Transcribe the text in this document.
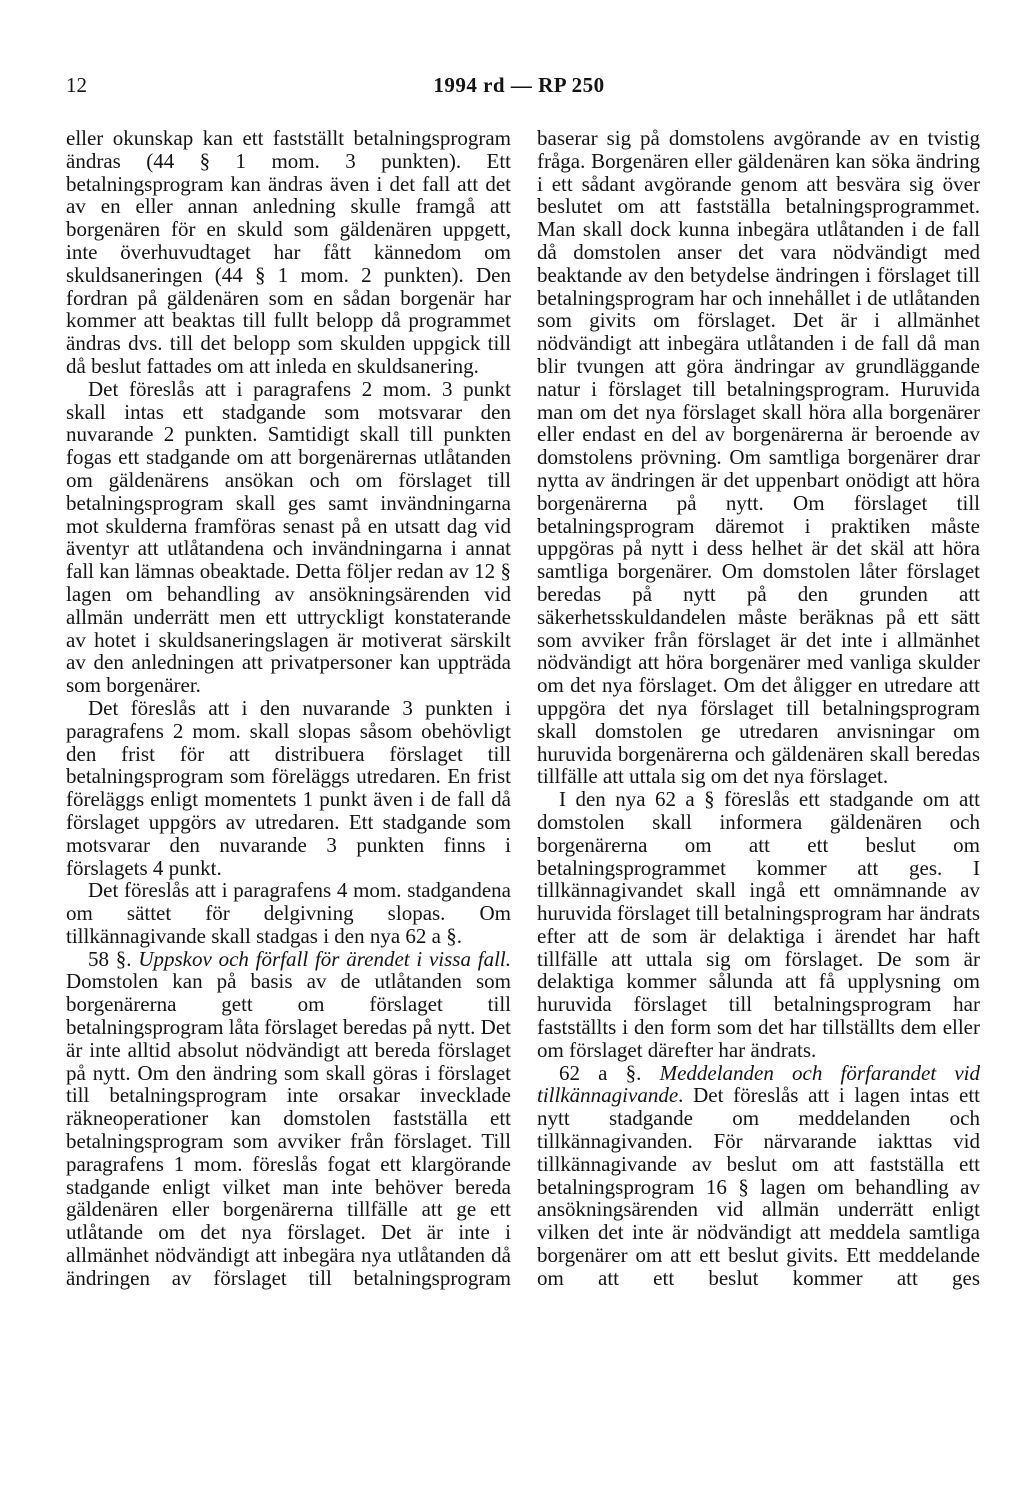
12	1994 rd — RP 250

eller okunskap kan ett fastställt betalningsprogram ändras (44 § 1 mom. 3 punkten). Ett betalningsprogram kan ändras även i det fall att det av en eller annan anledning skulle framgå att borgenären för en skuld som gäldenären uppgett, inte överhuvudtaget har fått kännedom om skuldsaneringen (44 § 1 mom. 2 punkten). Den fordran på gäldenären som en sådan borgenär har kommer att beaktas till fullt belopp då programmet ändras dvs. till det belopp som skulden uppgick till då beslut fattades om att inleda en skuldsanering.

Det föreslås att i paragrafens 2 mom. 3 punkt skall intas ett stadgande som motsvarar den nuvarande 2 punkten. Samtidigt skall till punkten fogas ett stadgande om att borgenärernas utlåtanden om gäldenärens ansökan och om förslaget till betalningsprogram skall ges samt invändningarna mot skulderna framföras senast på en utsatt dag vid äventyr att utlåtandena och invändningarna i annat fall kan lämnas obeaktade. Detta följer redan av 12 § lagen om behandling av ansökningsärenden vid allmän underrätt men ett uttryckligt konstaterande av hotet i skuldsaneringslagen är motiverat särskilt av den anledningen att privatpersoner kan uppträda som borgenärer.

Det föreslås att i den nuvarande 3 punkten i paragrafens 2 mom. skall slopas såsom obehövligt den frist för att distribuera förslaget till betalningsprogram som föreläggs utredaren. En frist föreläggs enligt momentets 1 punkt även i de fall då förslaget uppgörs av utredaren. Ett stadgande som motsvarar den nuvarande 3 punkten finns i förslagets 4 punkt.

Det föreslås att i paragrafens 4 mom. stadgandena om sättet för delgivning slopas. Om tillkännagivande skall stadgas i den nya 62 a §.

58 §. Uppskov och förfall för ärendet i vissa fall. Domstolen kan på basis av de utlåtanden som borgenärerna gett om förslaget till betalningsprogram låta förslaget beredas på nytt. Det är inte alltid absolut nödvändigt att bereda förslaget på nytt. Om den ändring som skall göras i förslaget till betalningsprogram inte orsakar invecklade räkneoperationer kan domstolen fastställa ett betalningsprogram som avviker från förslaget. Till paragrafens 1 mom. föreslås fogat ett klargörande stadgande enligt vilket man inte behöver bereda gäldenären eller borgenärerna tillfälle att ge ett utlåtande om det nya förslaget. Det är inte i allmänhet nödvändigt att inbegära nya utlåtanden då ändringen av förslaget till betalningsprogram

baserar sig på domstolens avgörande av en tvistig fråga. Borgenären eller gäldenären kan söka ändring i ett sådant avgörande genom att besvära sig över beslutet om att fastställa betalningsprogrammet. Man skall dock kunna inbegära utlåtanden i de fall då domstolen anser det vara nödvändigt med beaktande av den betydelse ändringen i förslaget till betalningsprogram har och innehållet i de utlåtanden som givits om förslaget. Det är i allmänhet nödvändigt att inbegära utlåtanden i de fall då man blir tvungen att göra ändringar av grundläggande natur i förslaget till betalningsprogram. Huruvida man om det nya förslaget skall höra alla borgenärer eller endast en del av borgenärerna är beroende av domstolens prövning. Om samtliga borgenärer drar nytta av ändringen är det uppenbart onödigt att höra borgenärerna på nytt. Om förslaget till betalningsprogram däremot i praktiken måste uppgöras på nytt i dess helhet är det skäl att höra samtliga borgenärer. Om domstolen låter förslaget beredas på nytt på den grunden att säkerhetsskuldandelen måste beräknas på ett sätt som avviker från förslaget är det inte i allmänhet nödvändigt att höra borgenärer med vanliga skulder om det nya förslaget. Om det åligger en utredare att uppgöra det nya förslaget till betalningsprogram skall domstolen ge utredaren anvisningar om huruvida borgenärerna och gäldenären skall beredas tillfälle att uttala sig om det nya förslaget.

I den nya 62 a § föreslås ett stadgande om att domstolen skall informera gäldenären och borgenärerna om att ett beslut om betalningsprogrammet kommer att ges. I tillkännagivandet skall ingå ett omnämnande av huruvida förslaget till betalningsprogram har ändrats efter att de som är delaktiga i ärendet har haft tillfälle att uttala sig om förslaget. De som är delaktiga kommer sålunda att få upplysning om huruvida förslaget till betalningsprogram har fastställts i den form som det har tillställts dem eller om förslaget därefter har ändrats.

62 a §. Meddelanden och förfarandet vid tillkännagivande. Det föreslås att i lagen intas ett nytt stadgande om meddelanden och tillkännagivanden. För närvarande iakttas vid tillkännagivande av beslut om att fastställa ett betalningsprogram 16 § lagen om behandling av ansökningsärenden vid allmän underrätt enligt vilken det inte är nödvändigt att meddela samtliga borgenärer om att ett beslut givits. Ett meddelande om att ett beslut kommer att ges
